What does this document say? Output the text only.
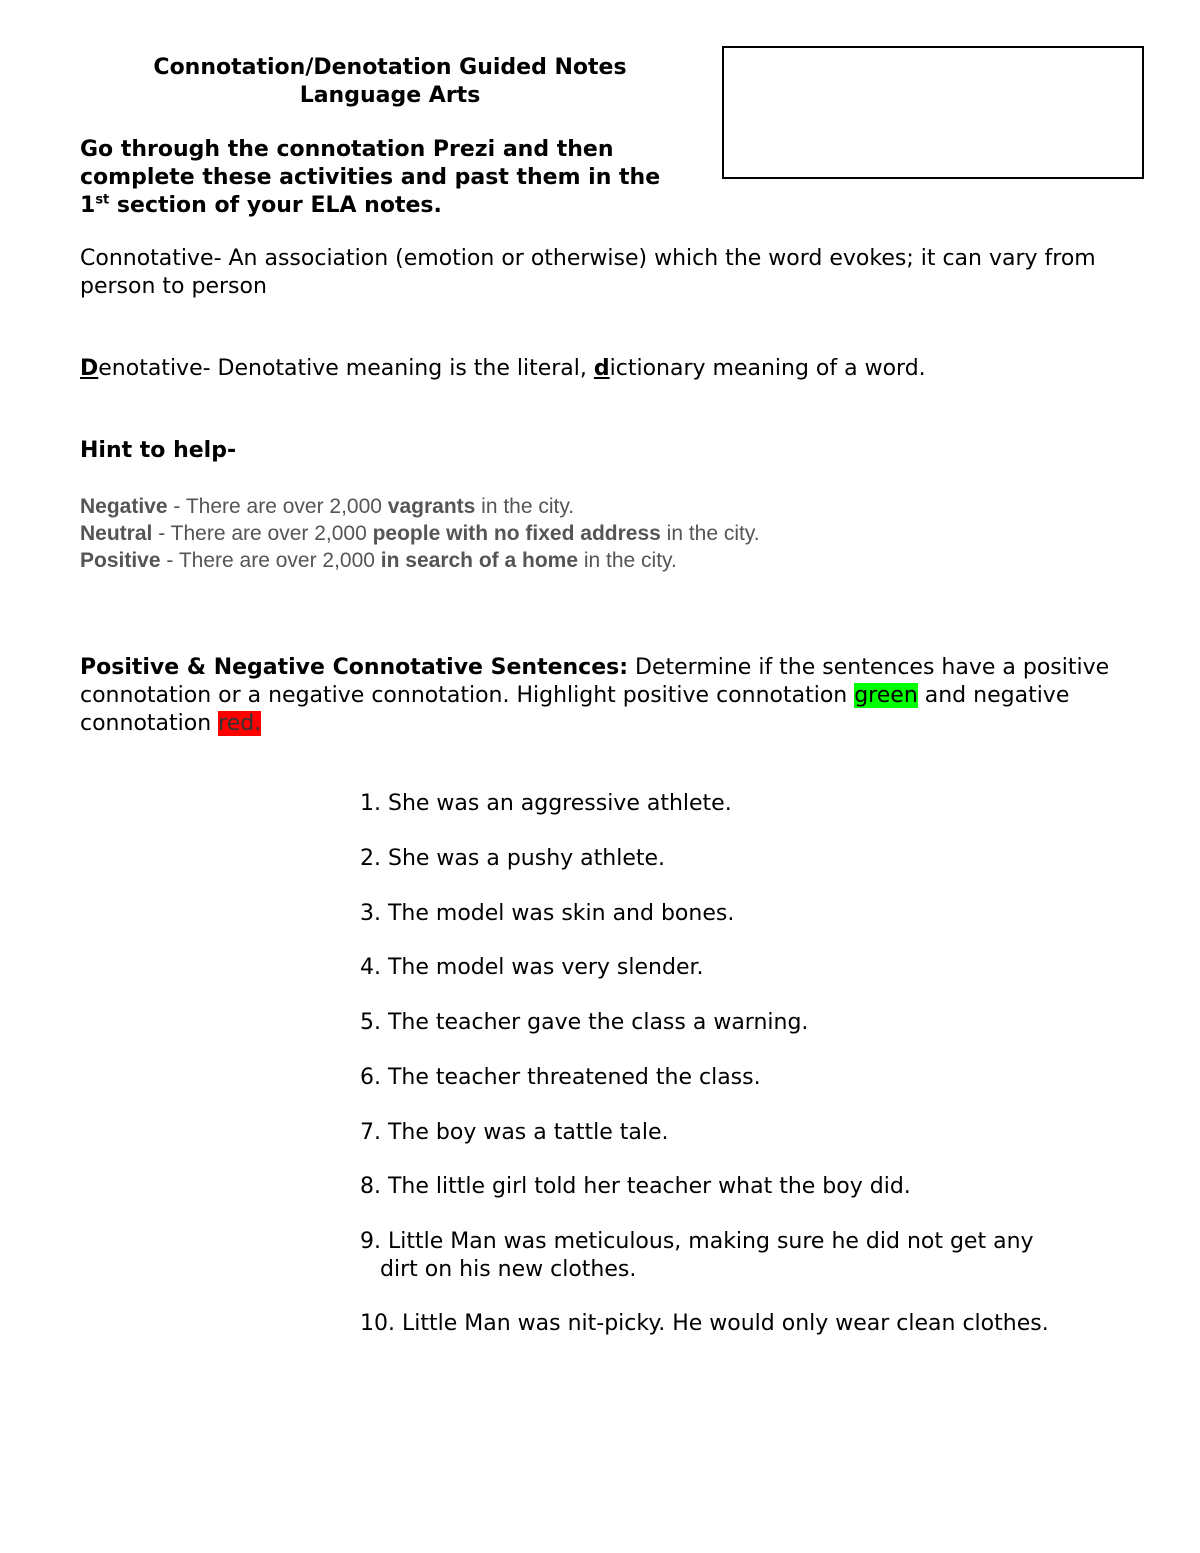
Connotation/Denotation Guided Notes
Language Arts
Go through the connotation Prezi and then
complete these activities and past them in the
1st section of your ELA notes.
Connotative- An association (emotion or otherwise) which the word evokes; it can vary from person to person
Denotative- Denotative meaning is the literal, dictionary meaning of a word.
Hint to help-
Negative - There are over 2,000 vagrants in the city.
Neutral - There are over 2,000 people with no fixed address in the city.
Positive - There are over 2,000 in search of a home in the city.
Positive & Negative Connotative Sentences: Determine if the sentences have a positive connotation or a negative connotation. Highlight positive connotation green and negative connotation red.
1. She was an aggressive athlete.
2. She was a pushy athlete.
3. The model was skin and bones.
4. The model was very slender.
5. The teacher gave the class a warning.
6. The teacher threatened the class.
7. The boy was a tattle tale.
8. The little girl told her teacher what the boy did.
9. Little Man was meticulous, making sure he did not get any
dirt on his new clothes.
10. Little Man was nit-picky. He would only wear clean clothes.
